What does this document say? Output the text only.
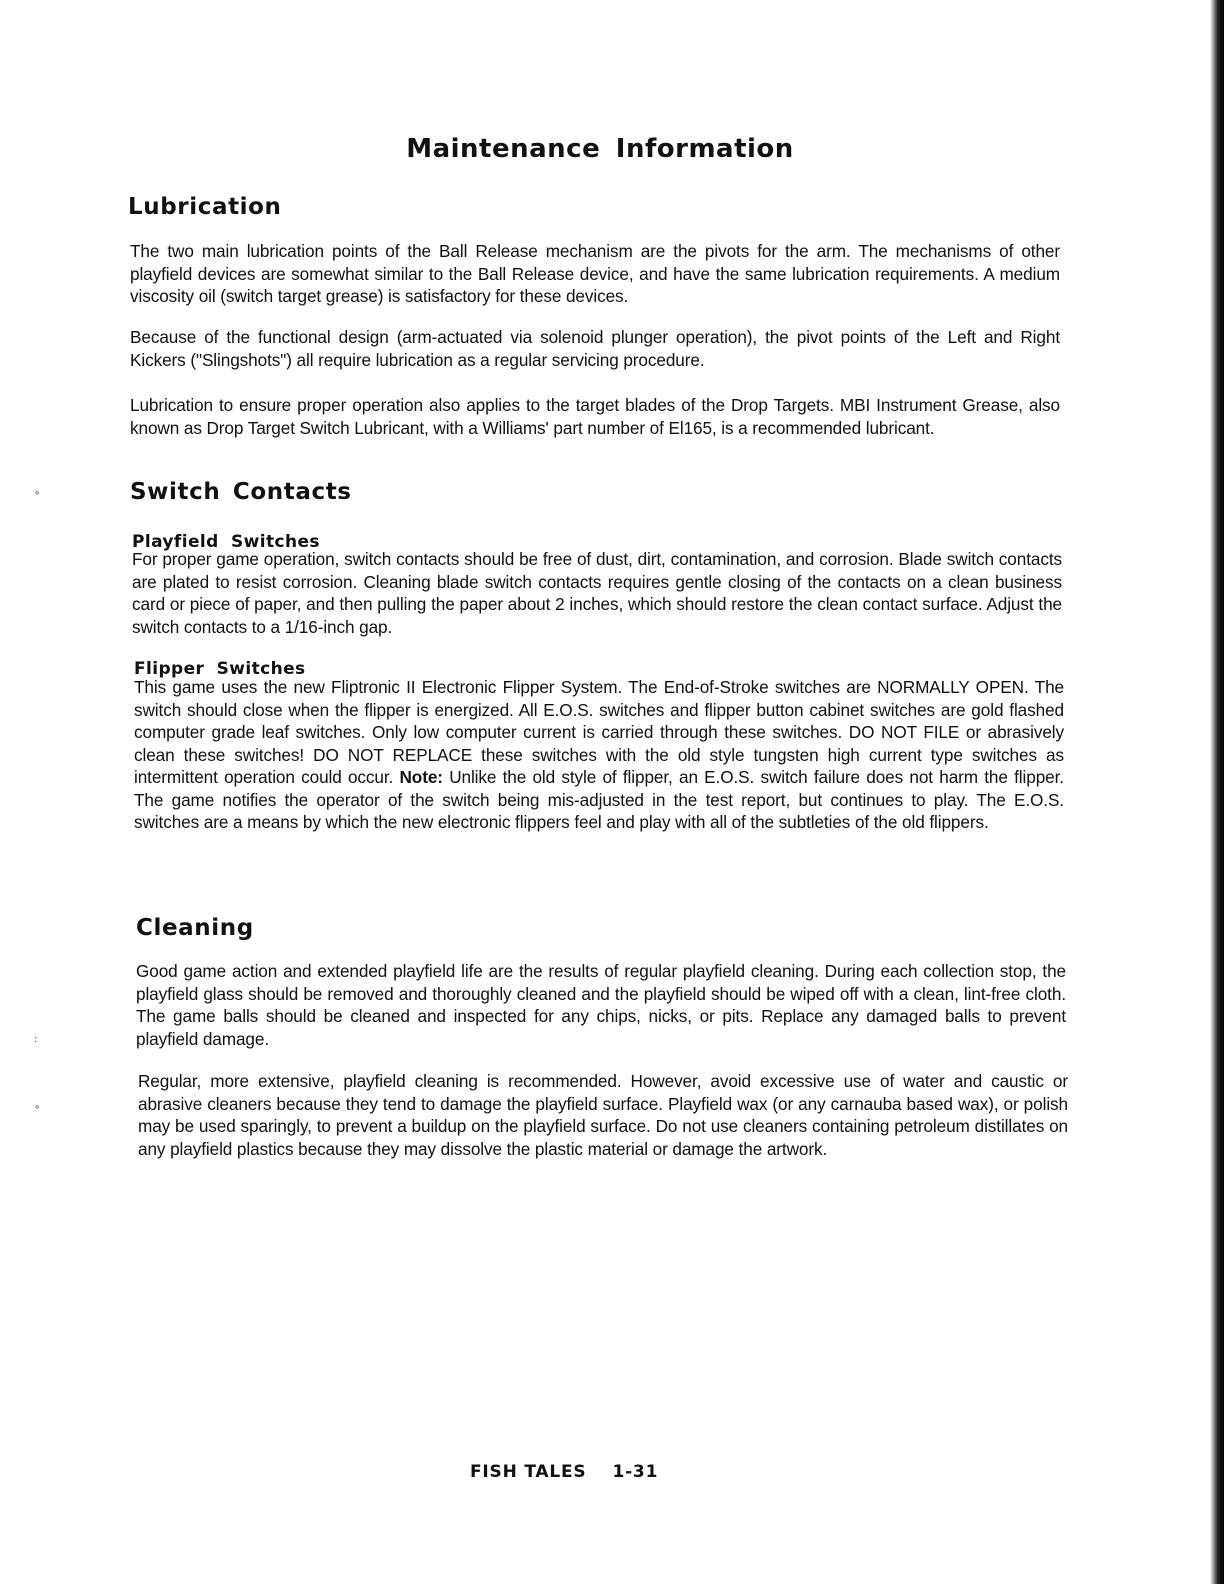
∘
:
∘
Maintenance Information
Lubrication

The two main lubrication points of the Ball Release mechanism are the pivots for the arm. The mechanisms of other playfield devices are somewhat similar to the Ball Release device, and have the same lubrication requirements. A medium viscosity oil (switch target grease) is satisfactory for these devices.

Because of the functional design (arm-actuated via solenoid plunger operation), the pivot points of the Left and Right Kickers ("Slingshots") all require lubrication as a regular servicing procedure.

Lubrication to ensure proper operation also applies to the target blades of the Drop Targets. MBI Instrument Grease, also known as Drop Target Switch Lubricant, with a Williams' part number of El165, is a recommended lubricant.

Switch Contacts
Playfield Switches

For proper game operation, switch contacts should be free of dust, dirt, contamination, and corrosion. Blade switch contacts are plated to resist corrosion. Cleaning blade switch contacts requires gentle closing of the contacts on a clean business card or piece of paper, and then pulling the paper about 2 inches, which should restore the clean contact surface. Adjust the switch contacts to a 1/16-inch gap.

Flipper Switches

This game uses the new Fliptronic II Electronic Flipper System. The End-of-Stroke switches are NORMALLY OPEN. The switch should close when the flipper is energized. All E.O.S. switches and flipper button cabinet switches are gold flashed computer grade leaf switches. Only low computer current is carried through these switches. DO NOT FILE or abrasively clean these switches! DO NOT REPLACE these switches with the old style tungsten high current type switches as intermittent operation could occur. Note: Unlike the old style of flipper, an E.O.S. switch failure does not harm the flipper. The game notifies the operator of the switch being mis-adjusted in the test report, but continues to play. The E.O.S. switches are a means by which the new electronic flippers feel and play with all of the subtleties of the old flippers.

Cleaning

Good game action and extended playfield life are the results of regular playfield cleaning. During each collection stop, the playfield glass should be removed and thoroughly cleaned and the playfield should be wiped off with a clean, lint-free cloth. The game balls should be cleaned and inspected for any chips, nicks, or pits. Replace any damaged balls to prevent playfield damage.

Regular, more extensive, playfield cleaning is recommended. However, avoid excessive use of water and caustic or abrasive cleaners because they tend to damage the playfield surface. Playfield wax (or any carnauba based wax), or polish may be used sparingly, to prevent a buildup on the playfield surface. Do not use cleaners containing petroleum distillates on any playfield plastics because they may dissolve the plastic material or damage the artwork.

FISH TALES 1-31
